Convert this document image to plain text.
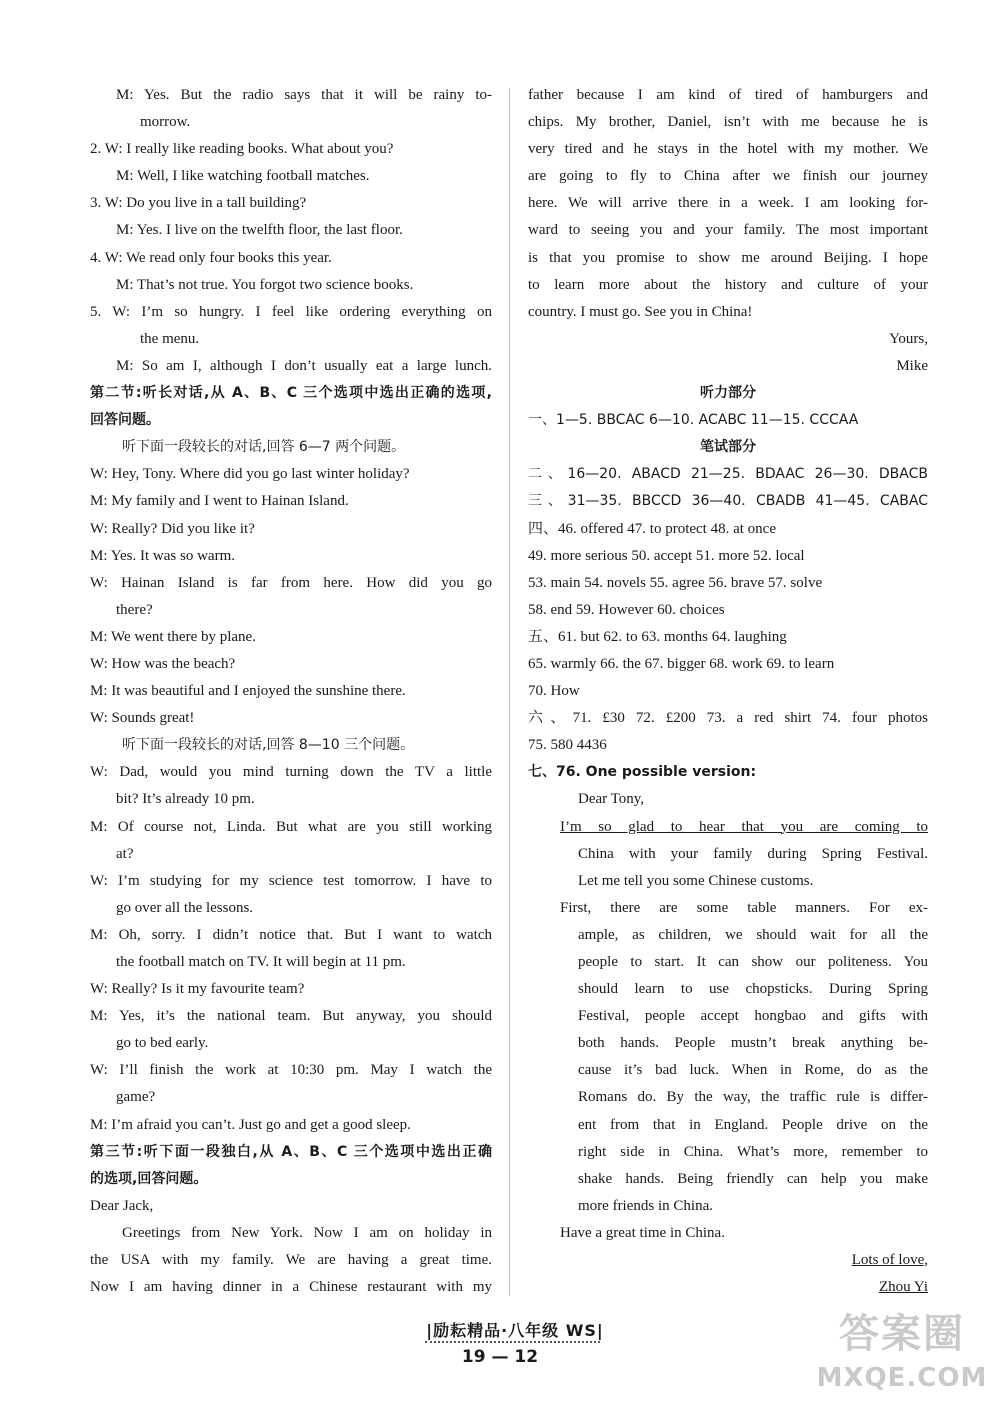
M: Yes. But the radio says that it will be rainy to-
morrow.
2. W: I really like reading books. What about you?
M: Well, I like watching football matches.
3. W: Do you live in a tall building?
M: Yes. I live on the twelfth floor, the last floor.
4. W: We read only four books this year.
M: That’s not true. You forgot two science books.
5. W: I’m so hungry. I feel like ordering everything on
the menu.
M: So am I, although I don’t usually eat a large lunch.
第二节:听长对话,从 A、B、C 三个选项中选出正确的选项,
回答问题。
听下面一段较长的对话,回答 6—7 两个问题。
W: Hey, Tony. Where did you go last winter holiday?
M: My family and I went to Hainan Island.
W: Really? Did you like it?
M: Yes. It was so warm.
W: Hainan Island is far from here. How did you go
there?
M: We went there by plane.
W: How was the beach?
M: It was beautiful and I enjoyed the sunshine there.
W: Sounds great!
听下面一段较长的对话,回答 8—10 三个问题。
W: Dad, would you mind turning down the TV a little
bit? It’s already 10 pm.
M: Of course not, Linda. But what are you still working
at?
W: I’m studying for my science test tomorrow. I have to
go over all the lessons.
M: Oh, sorry. I didn’t notice that. But I want to watch
the football match on TV. It will begin at 11 pm.
W: Really? Is it my favourite team?
M: Yes, it’s the national team. But anyway, you should
go to bed early.
W: I’ll finish the work at 10:30 pm. May I watch the
game?
M: I’m afraid you can’t. Just go and get a good sleep.
第三节:听下面一段独白,从 A、B、C 三个选项中选出正确
的选项,回答问题。
Dear Jack,
Greetings from New York. Now I am on holiday in
the USA with my family. We are having a great time.
Now I am having dinner in a Chinese restaurant with my
father because I am kind of tired of hamburgers and
chips. My brother, Daniel, isn’t with me because he is
very tired and he stays in the hotel with my mother. We
are going to fly to China after we finish our journey
here. We will arrive there in a week. I am looking for-
ward to seeing you and your family. The most important
is that you promise to show me around Beijing. I hope
to learn more about the history and culture of your
country. I must go. See you in China!
Yours,
Mike
听力部分
一、1—5. BBCAC 6—10. ACABC 11—15. CCCAA
笔试部分
二、16—20. ABACD 21—25. BDAAC 26—30. DBACB
三、31—35. BBCCD 36—40. CBADB 41—45. CABAC
四、46. offered 47. to protect 48. at once
49. more serious 50. accept 51. more 52. local
53. main 54. novels 55. agree 56. brave 57. solve
58. end 59. However 60. choices
五、61. but 62. to 63. months 64. laughing
65. warmly 66. the 67. bigger 68. work 69. to learn
70. How
六、71. £30 72. £200 73. a red shirt 74. four photos
75. 580 4436
七、76. One possible version:
Dear Tony,
I’m so glad to hear that you are coming to
China with your family during Spring Festival.
Let me tell you some Chinese customs.
First, there are some table manners. For ex-
ample, as children, we should wait for all the
people to start. It can show our politeness. You
should learn to use chopsticks. During Spring
Festival, people accept hongbao and gifts with
both hands. People mustn’t break anything be-
cause it’s bad luck. When in Rome, do as the
Romans do. By the way, the traffic rule is differ-
ent from that in England. People drive on the
right side in China. What’s more, remember to
shake hands. Being friendly can help you make
more friends in China.
Have a great time in China.
Lots of love,
Zhou Yi
|励耘精品·八年级 WS|
19 — 12	答案圈
MXQE.COM
